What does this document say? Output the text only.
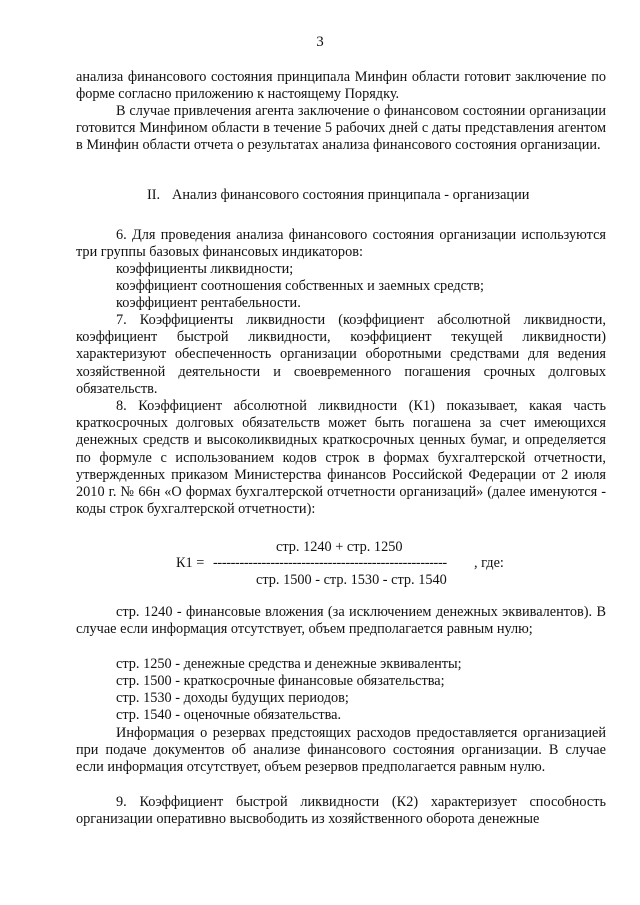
3

анализа финансового состояния принципала Минфин области готовит заключение по форме согласно приложению к настоящему Порядку.

В случае привлечения агента заключение о финансовом состоянии организации готовится Минфином области в течение 5 рабочих дней с даты представления агентом в Минфин области отчета о результатах анализа финансового состояния организации.

II. Анализ финансового состояния принципала - организации

6. Для проведения анализа финансового состояния организации используются три группы базовых финансовых индикаторов:

коэффициенты ликвидности;

коэффициент соотношения собственных и заемных средств;

коэффициент рентабельности.

7. Коэффициенты ликвидности (коэффициент абсолютной ликвидности, коэффициент быстрой ликвидности, коэффициент текущей ликвидности) характеризуют обеспеченность организации оборотными средствами для ведения хозяйственной деятельности и своевременного погашения срочных долговых обязательств.

8. Коэффициент абсолютной ликвидности (К1) показывает, какая часть краткосрочных долговых обязательств может быть погашена за счет имеющихся денежных средств и высоколиквидных краткосрочных ценных бумаг, и определяется по формуле с использованием кодов строк в формах бухгалтерской отчетности, утвержденных приказом Министерства финансов Российской Федерации от 2 июля 2010 г. № 66н «О формах бухгалтерской отчетности организаций» (далее именуются - коды строк бухгалтерской отчетности):

стр. 1240 + стр. 1250
К1 = ----------------------------------------------------- , где:
стр. 1500 - стр. 1530 - стр. 1540

стр. 1240 - финансовые вложения (за исключением денежных эквивалентов). В случае если информация отсутствует, объем предполагается равным нулю;

стр. 1250 - денежные средства и денежные эквиваленты;

стр. 1500 - краткосрочные финансовые обязательства;

стр. 1530 - доходы будущих периодов;

стр. 1540 - оценочные обязательства.

Информация о резервах предстоящих расходов предоставляется организацией при подаче документов об анализе финансового состояния организации. В случае если информация отсутствует, объем резервов предполагается равным нулю.

9. Коэффициент быстрой ликвидности (К2) характеризует способность организации оперативно высвободить из хозяйственного оборота денежные
